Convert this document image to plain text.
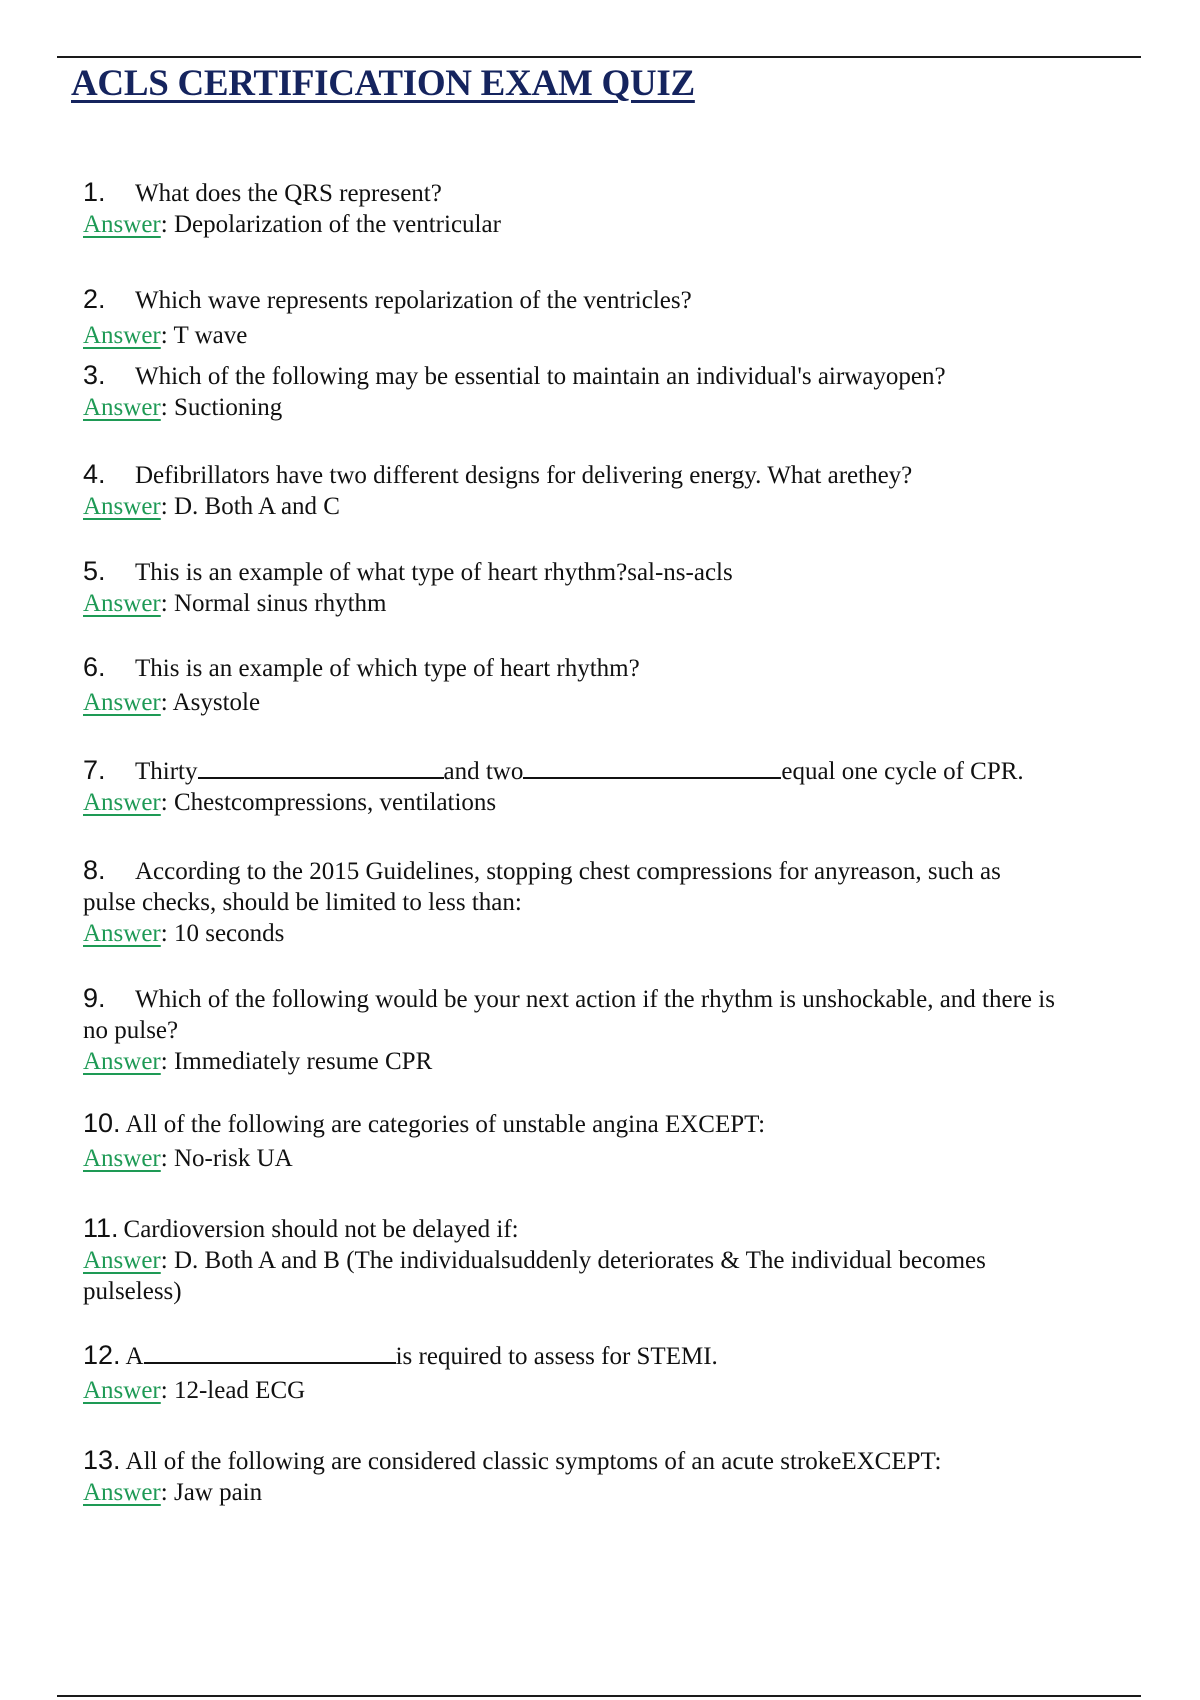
ACLS CERTIFICATION EXAM QUIZ
1. What does the QRS represent?
Answer: Depolarization of the ventricular
2. Which wave represents repolarization of the ventricles?
Answer: T wave
3. Which of the following may be essential to maintain an individual's airwayopen?
Answer: Suctioning
4. Defibrillators have two different designs for delivering energy. What arethey?
Answer: D. Both A and C
5. This is an example of what type of heart rhythm?sal-ns-acls
Answer: Normal sinus rhythm
6. This is an example of which type of heart rhythm?
Answer: Asystole
7. Thirty	and two	equal one cycle of CPR.
Answer: Chestcompressions, ventilations
8. According to the 2015 Guidelines, stopping chest compressions for anyreason, such as
pulse checks, should be limited to less than:
Answer: 10 seconds
9. Which of the following would be your next action if the rhythm is unshockable, and there is
no pulse?
Answer: Immediately resume CPR
10. All of the following are categories of unstable angina EXCEPT:
Answer: No-risk UA
11. Cardioversion should not be delayed if:
Answer: D. Both A and B (The individualsuddenly deteriorates & The individual becomes
pulseless)
12. A	is required to assess for STEMI.
Answer: 12-lead ECG
13. All of the following are considered classic symptoms of an acute strokeEXCEPT:
Answer: Jaw pain
